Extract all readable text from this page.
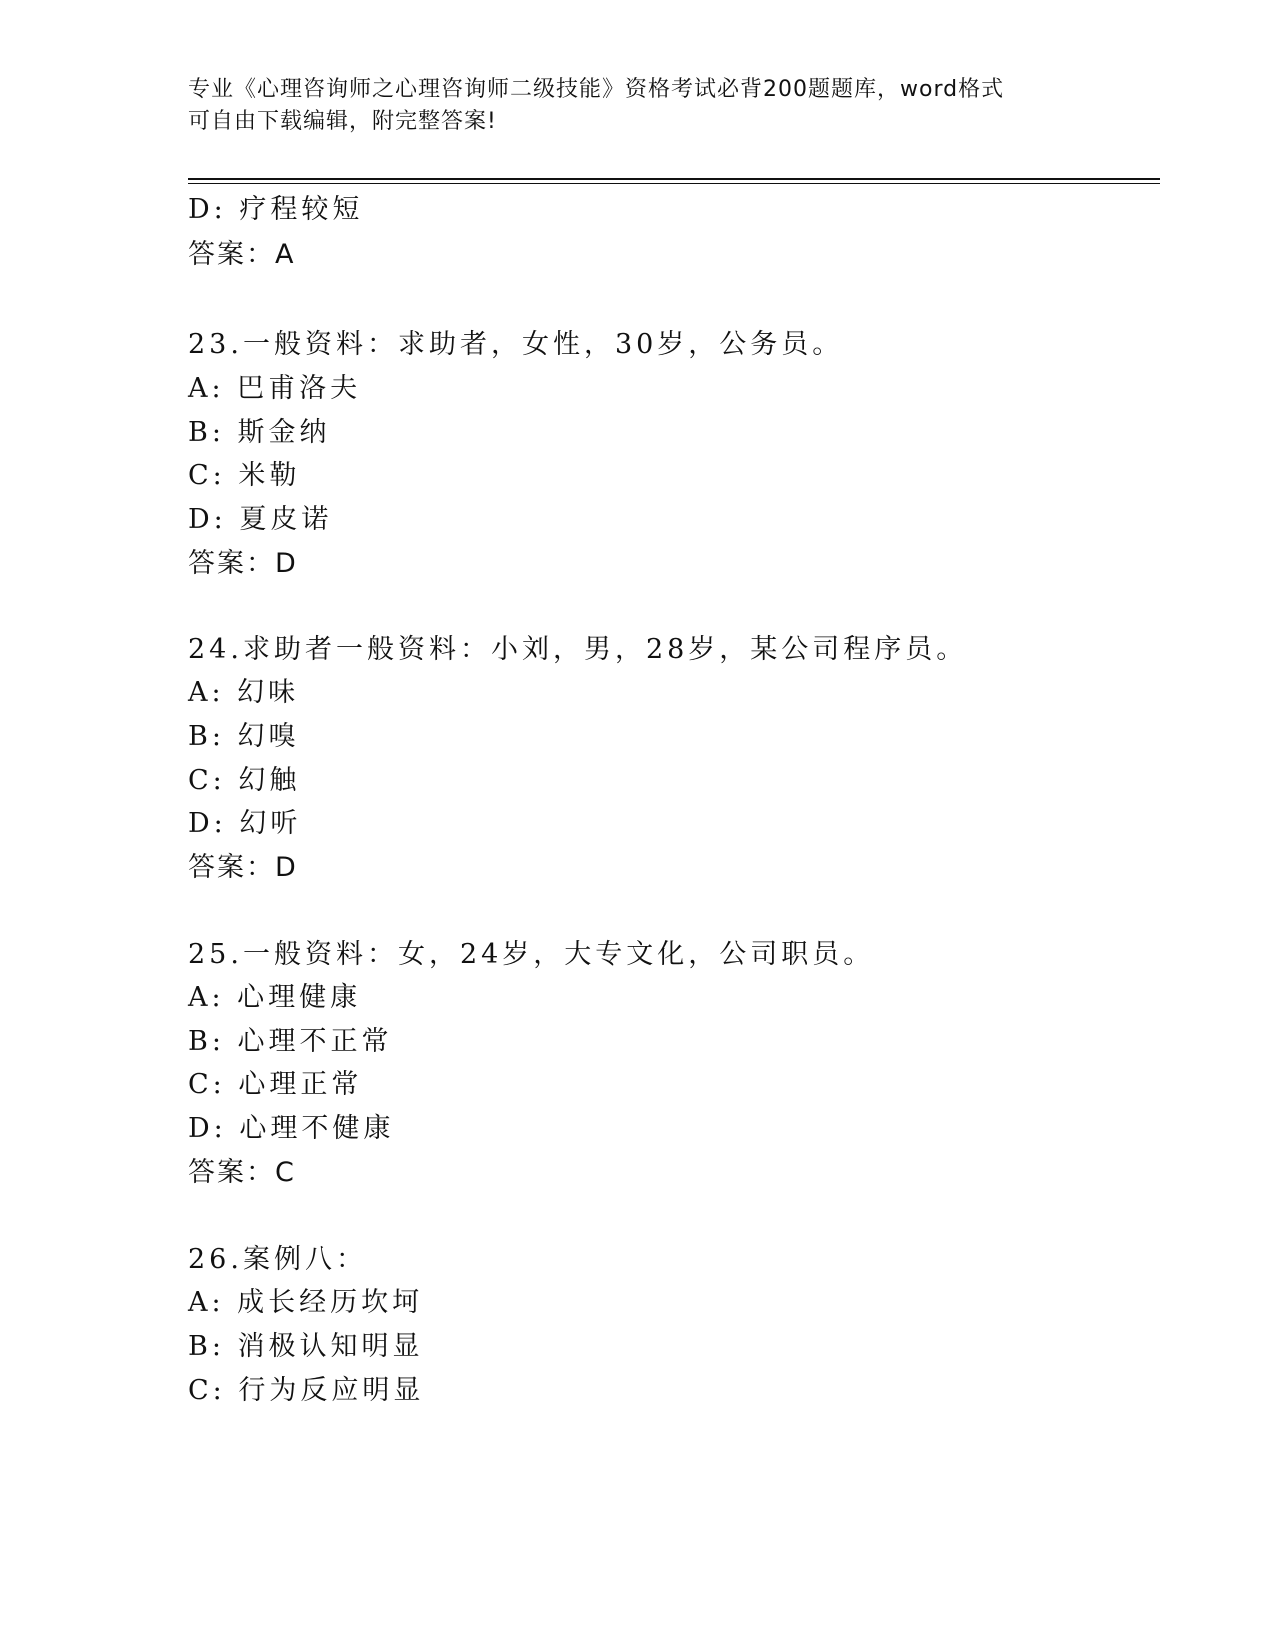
专业《心理咨询师之心理咨询师二级技能》资格考试必背200题题库，word格式
可自由下载编辑，附完整答案!
D: 疗程较短
答案：A
23.一般资料：求助者，女性，30岁，公务员。
A: 巴甫洛夫
B: 斯金纳
C: 米勒
D: 夏皮诺
答案：D
24.求助者一般资料：小刘，男，28岁，某公司程序员。
A: 幻味
B: 幻嗅
C: 幻触
D: 幻听
答案：D
25.一般资料：女，24岁，大专文化，公司职员。
A: 心理健康
B: 心理不正常
C: 心理正常
D: 心理不健康
答案：C
26.案例八：
A: 成长经历坎坷
B: 消极认知明显
C: 行为反应明显
